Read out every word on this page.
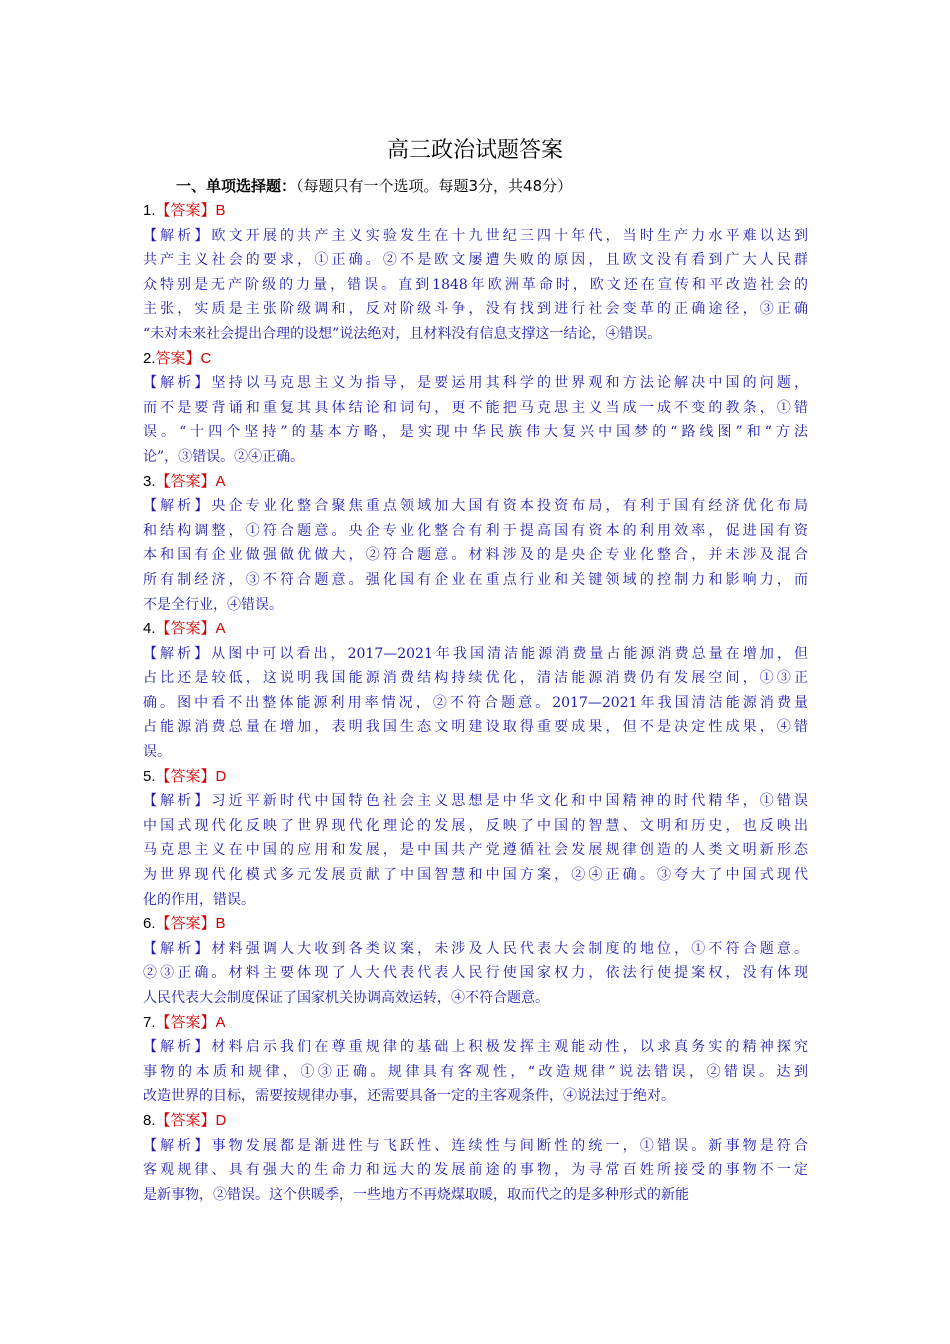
高三政治试题答案
一、单项选择题：（每题只有一个选项。每题3分，共48分）
1.【答案】B
【解析】欧文开展的共产主义实验发生在十九世纪三四十年代，当时生产力水平难以达到
共产主义社会的要求，①正确。②不是欧文屡遭失败的原因，且欧文没有看到广大人民群
众特别是无产阶级的力量，错误。直到1848年欧洲革命时，欧文还在宣传和平改造社会的
主张，实质是主张阶级调和，反对阶级斗争，没有找到进行社会变革的正确途径，③正确
“未对未来社会提出合理的设想”说法绝对，且材料没有信息支撑这一结论，④错误。
2.答案】C
【解析】坚持以马克思主义为指导，是要运用其科学的世界观和方法论解决中国的问题，
而不是要背诵和重复其具体结论和词句，更不能把马克思主义当成一成不变的教条，①错
误。“十四个坚持”的基本方略，是实现中华民族伟大复兴中国梦的“路线图”和“方法
论”，③错误。②④正确。
3.【答案】A
【解析】央企专业化整合聚焦重点领域加大国有资本投资布局，有利于国有经济优化布局
和结构调整，①符合题意。央企专业化整合有利于提高国有资本的利用效率，促进国有资
本和国有企业做强做优做大，②符合题意。材料涉及的是央企专业化整合，并未涉及混合
所有制经济，③不符合题意。强化国有企业在重点行业和关键领域的控制力和影响力，而
不是全行业，④错误。
4.【答案】A
【解析】从图中可以看出，2017—2021年我国清洁能源消费量占能源消费总量在增加，但
占比还是较低，这说明我国能源消费结构持续优化，清洁能源消费仍有发展空间，①③正
确。图中看不出整体能源利用率情况，②不符合题意。2017—2021年我国清洁能源消费量
占能源消费总量在增加，表明我国生态文明建设取得重要成果，但不是决定性成果，④错
误。
5.【答案】D
【解析】习近平新时代中国特色社会主义思想是中华文化和中国精神的时代精华，①错误
中国式现代化反映了世界现代化理论的发展，反映了中国的智慧、文明和历史，也反映出
马克思主义在中国的应用和发展，是中国共产党遵循社会发展规律创造的人类文明新形态
为世界现代化模式多元发展贡献了中国智慧和中国方案，②④正确。③夸大了中国式现代
化的作用，错误。
6.【答案】B
【解析】材料强调人大收到各类议案，未涉及人民代表大会制度的地位，①不符合题意。
②③正确。材料主要体现了人大代表代表人民行使国家权力，依法行使提案权，没有体现
人民代表大会制度保证了国家机关协调高效运转，④不符合题意。
7.【答案】A
【解析】材料启示我们在尊重规律的基础上积极发挥主观能动性，以求真务实的精神探究
事物的本质和规律，①③正确。规律具有客观性，“改造规律”说法错误，②错误。达到
改造世界的目标，需要按规律办事，还需要具备一定的主客观条件，④说法过于绝对。
8.【答案】D
【解析】事物发展都是渐进性与飞跃性、连续性与间断性的统一，①错误。新事物是符合
客观规律、具有强大的生命力和远大的发展前途的事物，为寻常百姓所接受的事物不一定
是新事物，②错误。这个供暖季，一些地方不再烧煤取暖，取而代之的是多种形式的新能
